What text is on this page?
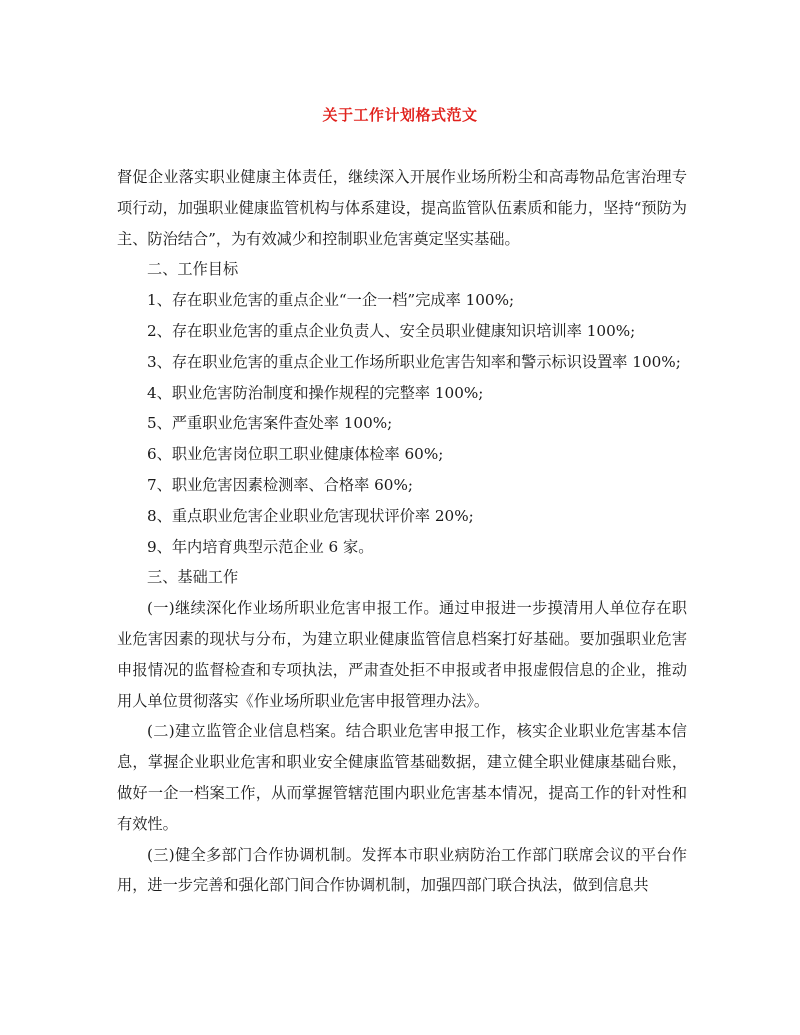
关于工作计划格式范文

督促企业落实职业健康主体责任，继续深入开展作业场所粉尘和高毒物品危害治理专项行动，加强职业健康监管机构与体系建设，提高监管队伍素质和能力，坚持“预防为主、防治结合”，为有效减少和控制职业危害奠定坚实基础。

二、工作目标

1、存在职业危害的重点企业“一企一档”完成率 100%;

2、存在职业危害的重点企业负责人、安全员职业健康知识培训率 100%;

3、存在职业危害的重点企业工作场所职业危害告知率和警示标识设置率 100%;

4、职业危害防治制度和操作规程的完整率 100%;

5、严重职业危害案件查处率 100%;

6、职业危害岗位职工职业健康体检率 60%;

7、职业危害因素检测率、合格率 60%;

8、重点职业危害企业职业危害现状评价率 20%;

9、年内培育典型示范企业 6 家。

三、基础工作

(一)继续深化作业场所职业危害申报工作。通过申报进一步摸清用人单位存在职业危害因素的现状与分布，为建立职业健康监管信息档案打好基础。要加强职业危害申报情况的监督检查和专项执法，严肃查处拒不申报或者申报虚假信息的企业，推动用人单位贯彻落实《作业场所职业危害申报管理办法》。

(二)建立监管企业信息档案。结合职业危害申报工作，核实企业职业危害基本信息，掌握企业职业危害和职业安全健康监管基础数据，建立健全职业健康基础台账，做好一企一档案工作，从而掌握管辖范围内职业危害基本情况，提高工作的针对性和有效性。

(三)健全多部门合作协调机制。发挥本市职业病防治工作部门联席会议的平台作用，进一步完善和强化部门间合作协调机制，加强四部门联合执法，做到信息共
